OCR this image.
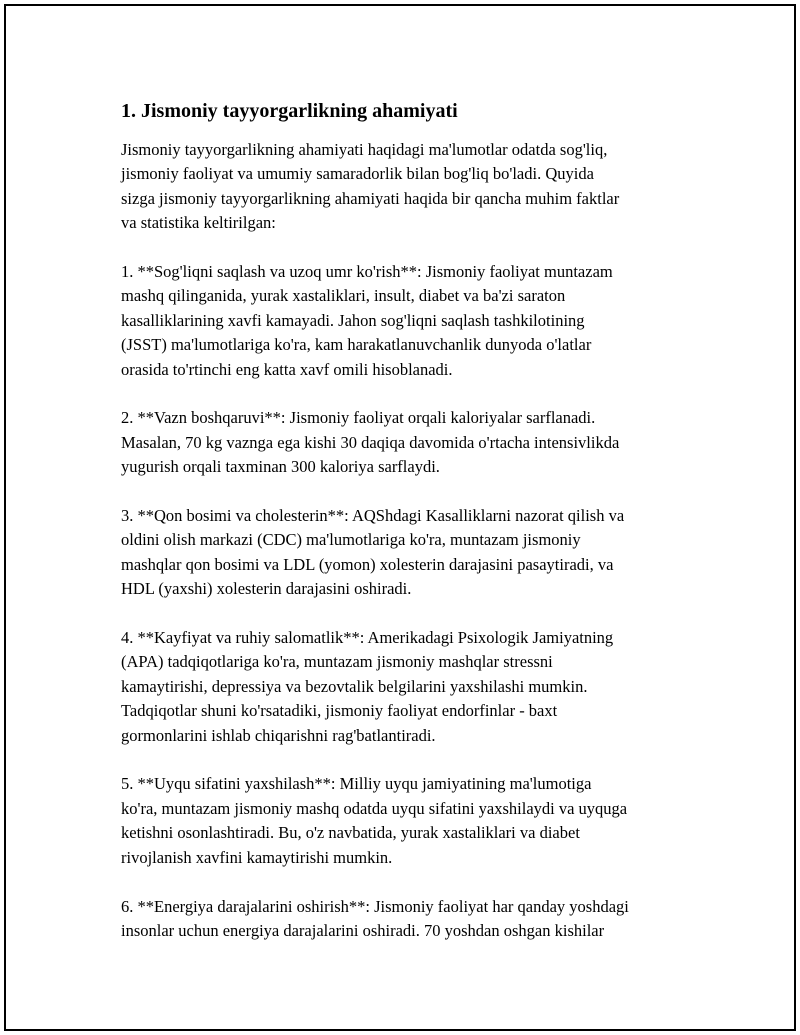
1. Jismoniy tayyorgarlikning ahamiyati

Jismoniy tayyorgarlikning ahamiyati haqidagi ma'lumotlar odatda sog'liq,
jismoniy faoliyat va umumiy samaradorlik bilan bog'liq bo'ladi. Quyida
sizga jismoniy tayyorgarlikning ahamiyati haqida bir qancha muhim faktlar
va statistika keltirilgan:

1. **Sog'liqni saqlash va uzoq umr ko'rish**: Jismoniy faoliyat muntazam
mashq qilinganida, yurak xastaliklari, insult, diabet va ba'zi saraton
kasalliklarining xavfi kamayadi. Jahon sog'liqni saqlash tashkilotining
(JSST) ma'lumotlariga ko'ra, kam harakatlanuvchanlik dunyoda o'latlar
orasida to'rtinchi eng katta xavf omili hisoblanadi.

2. **Vazn boshqaruvi**: Jismoniy faoliyat orqali kaloriyalar sarflanadi.
Masalan, 70 kg vaznga ega kishi 30 daqiqa davomida o'rtacha intensivlikda
yugurish orqali taxminan 300 kaloriya sarflaydi.

3. **Qon bosimi va cholesterin**: AQShdagi Kasalliklarni nazorat qilish va
oldini olish markazi (CDC) ma'lumotlariga ko'ra, muntazam jismoniy
mashqlar qon bosimi va LDL (yomon) xolesterin darajasini pasaytiradi, va
HDL (yaxshi) xolesterin darajasini oshiradi.

4. **Kayfiyat va ruhiy salomatlik**: Amerikadagi Psixologik Jamiyatning
(APA) tadqiqotlariga ko'ra, muntazam jismoniy mashqlar stressni
kamaytirishi, depressiya va bezovtalik belgilarini yaxshilashi mumkin.
Tadqiqotlar shuni ko'rsatadiki, jismoniy faoliyat endorfinlar - baxt
gormonlarini ishlab chiqarishni rag'batlantiradi.

5. **Uyqu sifatini yaxshilash**: Milliy uyqu jamiyatining ma'lumotiga
ko'ra, muntazam jismoniy mashq odatda uyqu sifatini yaxshilaydi va uyquga
ketishni osonlashtiradi. Bu, o'z navbatida, yurak xastaliklari va diabet
rivojlanish xavfini kamaytirishi mumkin.

6. **Energiya darajalarini oshirish**: Jismoniy faoliyat har qanday yoshdagi
insonlar uchun energiya darajalarini oshiradi. 70 yoshdan oshgan kishilar
